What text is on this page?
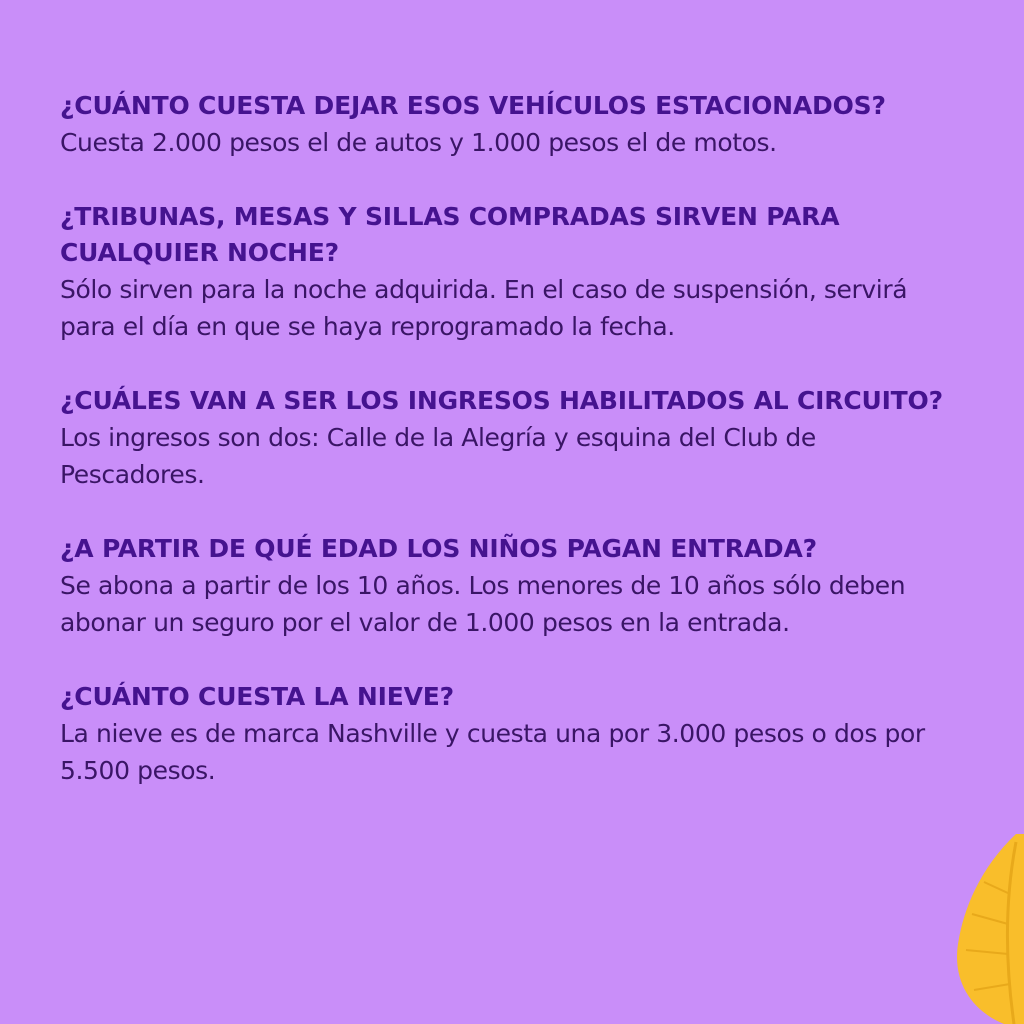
¿CUÁNTO CUESTA DEJAR ESOS VEHÍCULOS ESTACIONADOS?

Cuesta 2.000 pesos el de autos y 1.000 pesos el de motos.

¿TRIBUNAS, MESAS Y SILLAS COMPRADAS SIRVEN PARA CUALQUIER NOCHE?

Sólo sirven para la noche adquirida. En el caso de suspensión, servirá para el día en que se haya reprogramado la fecha.

¿CUÁLES VAN A SER LOS INGRESOS HABILITADOS AL CIRCUITO?

Los ingresos son dos: Calle de la Alegría y esquina del Club de Pescadores.

¿A PARTIR DE QUÉ EDAD LOS NIÑOS PAGAN ENTRADA?

Se abona a partir de los 10 años. Los menores de 10 años sólo deben abonar un seguro por el valor de 1.000 pesos en la entrada.

¿CUÁNTO CUESTA LA NIEVE?

La nieve es de marca Nashville y cuesta una por 3.000 pesos o dos por 5.500 pesos.
